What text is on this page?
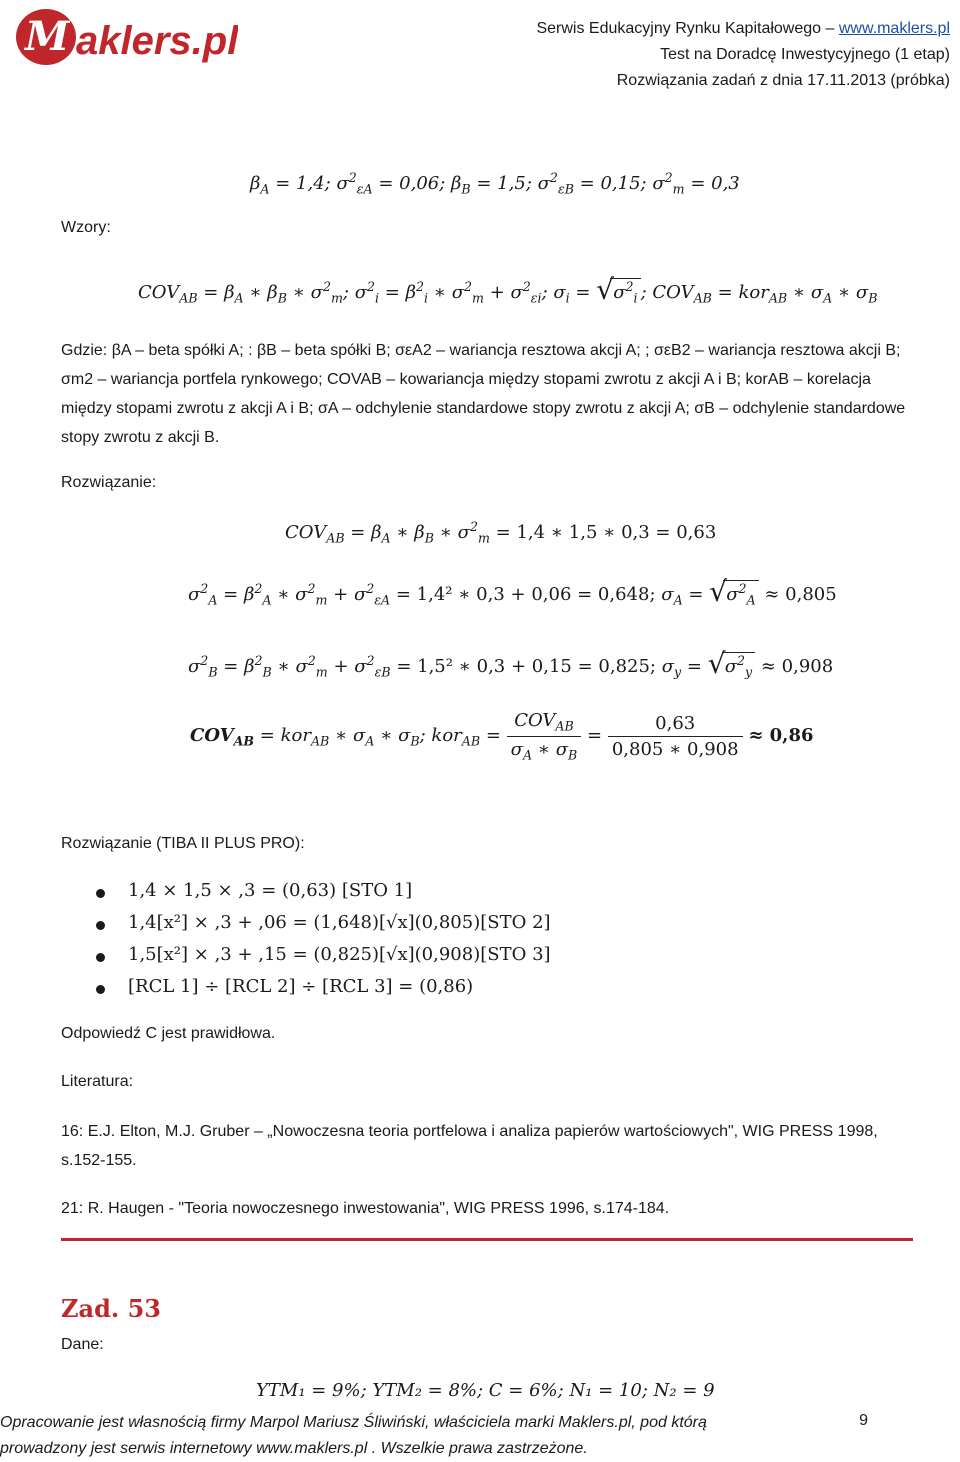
M aklers.pl	Serwis Edukacyjny Rynku Kapitałowego – www.maklers.pl
Test na Doradcę Inwestycyjnego (1 etap)
Rozwiązania zadań z dnia 17.11.2013 (próbka)
$\beta_A = 1,4$; $\sigma^2_{\varepsilon A} = 0,06$; $\beta_B = 1,5$; $\sigma^2_{\varepsilon B} = 0,15$; $\sigma^2_m = 0,3$
Wzory:
$COV_{AB} = \beta_A$ ∗ $\beta_B$ ∗ $\sigma^2_m$; $\sigma^2_i = \beta^2_i$ ∗ $\sigma^2_m + \sigma^2_{\varepsilon i}$; $\sigma_i$ = √ $\sigma^2_i$ ; $COV_{AB} = kor_{AB}$ ∗ $\sigma_A$ ∗ $\sigma_B$
Gdzie: βA – beta spółki A; : βB – beta spółki B; σεA2 – wariancja resztowa akcji A; ; σεB2 – wariancja resztowa akcji B; σm2 – wariancja portfela rynkowego; COVAB – kowariancja między stopami zwrotu z akcji A i B; korAB – korelacja między stopami zwrotu z akcji A i B; σA – odchylenie standardowe stopy zwrotu z akcji A; σB – odchylenie standardowe stopy zwrotu z akcji B.
Rozwiązanie:
$COV_{AB} = \beta_A$ ∗ $\beta_B$ ∗ $\sigma^2_m = 1,4$ ∗ 1,5 ∗ 0,3 = 0,63
$\sigma^2_A = \beta^2_A$ ∗ $\sigma^2_m + \sigma^2_{\varepsilon A} = 1,4^2$ ∗ 0,3 + 0,06 = 0,648; $\sigma_A$ = √ $\sigma^2_A \approx 0,805$
$\sigma^2_B = \beta^2_B$ ∗ $\sigma^2_m + \sigma^2_{\varepsilon B} = 1,5^2$ ∗ 0,3 + 0,15 = 0,825; $\sigma_y$ = √ $\sigma^2_y \approx 0,908$
$COV_{AB} = kor_{AB}$ ∗ $\sigma_A$ ∗ $\sigma_B$; $kor_{AB} = \frac{COV_{AB}}{\sigma_A ∗ \sigma_B} = \frac{0,63}{0,805 ∗ 0,908} \approx 0,86$
Rozwiązanie (TIBA II PLUS PRO):
1,4 × 1,5 × ,3 = (0,63) [STO 1]
1,4[x²] × ,3 + ,06 = (1,648)[√x](0,805)[STO 2]
1,5[x²] × ,3 + ,15 = (0,825)[√x](0,908)[STO 3]
[RCL 1] ÷ [RCL 2] ÷ [RCL 3] = (0,86)
Odpowiedź C jest prawidłowa.
Literatura:
16: E.J. Elton, M.J. Gruber – „Nowoczesna teoria portfelowa i analiza papierów wartościowych", WIG PRESS 1998, s.152-155.
21: R. Haugen - "Teoria nowoczesnego inwestowania", WIG PRESS 1996, s.174-184.
Zad. 53
Dane:
YTM₁ = 9%; YTM₂ = 8%; C = 6%; N₁ = 10; N₂ = 9
Opracowanie jest własnością firmy Marpol Mariusz Śliwiński, właściciela marki Maklers.pl, pod którą prowadzony jest serwis internetowy www.maklers.pl . Wszelkie prawa zastrzeżone.
9
